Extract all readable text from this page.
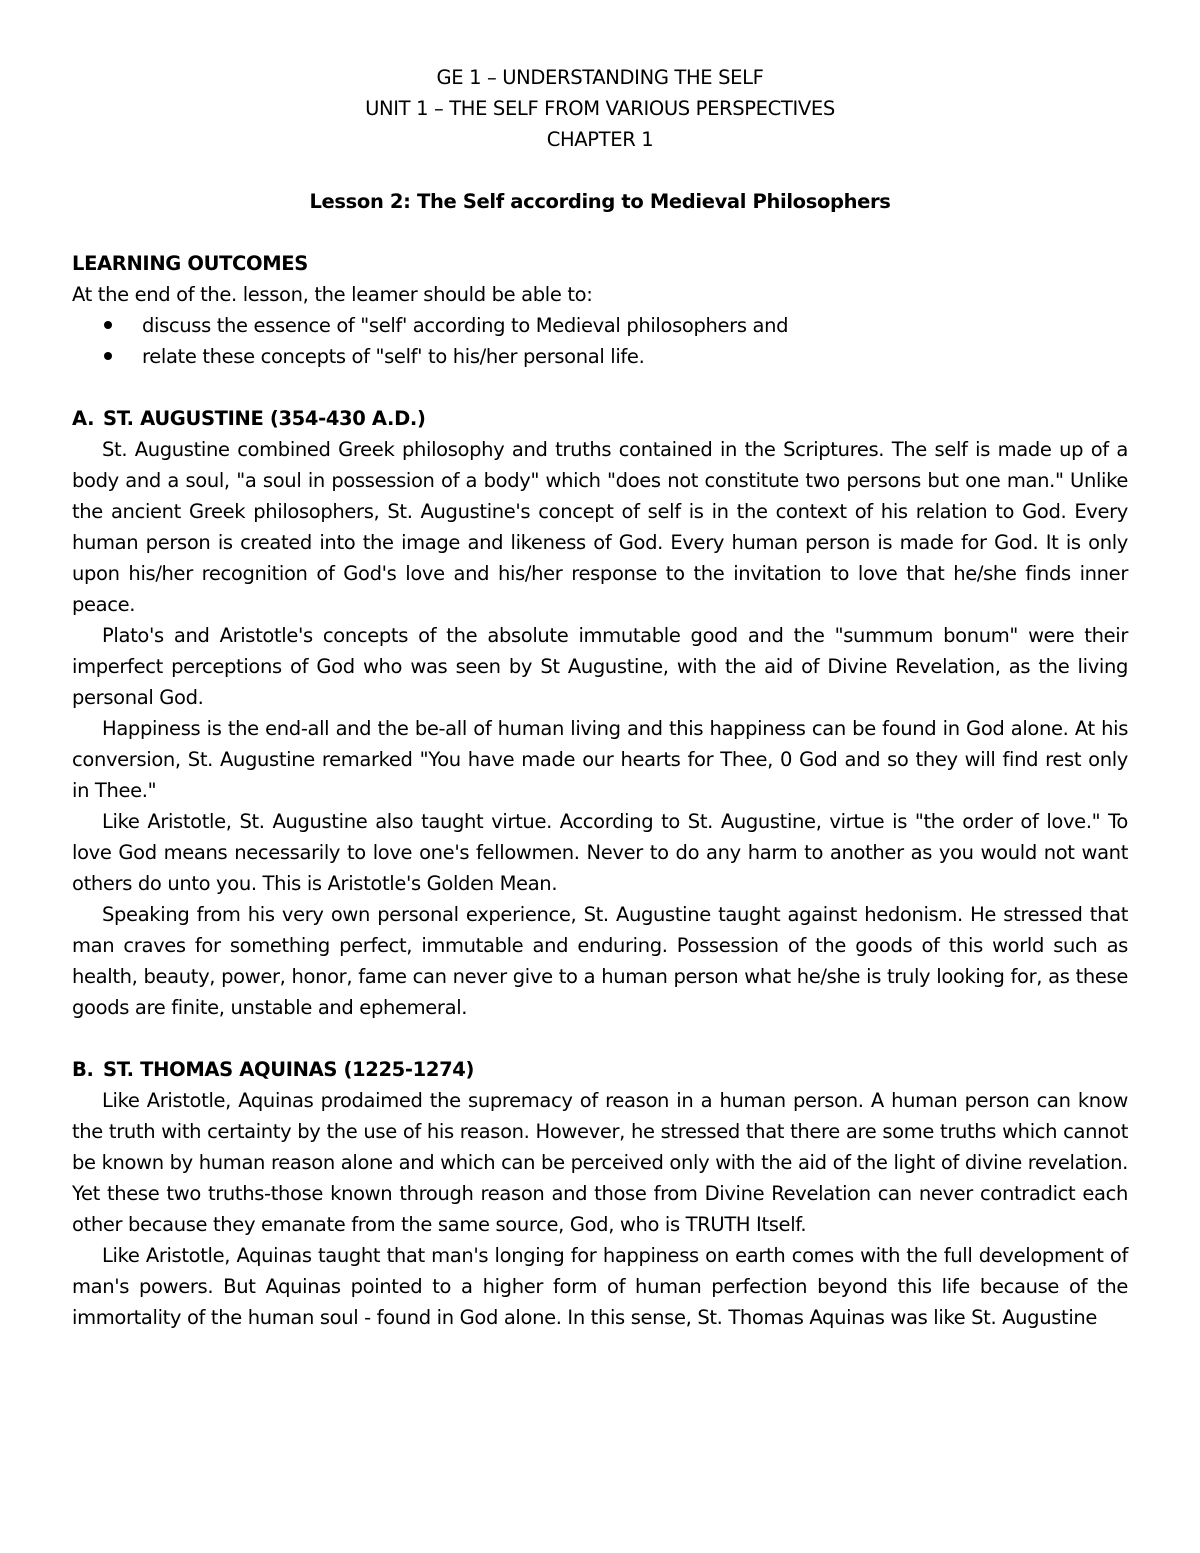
GE 1 – UNDERSTANDING THE SELF
UNIT 1 – THE SELF FROM VARIOUS PERSPECTIVES
CHAPTER 1
Lesson 2: The Self according to Medieval Philosophers
LEARNING OUTCOMES

At the end of the. lesson, the leamer should be able to:

discuss the essence of "self' according to Medieval philosophers and
relate these concepts of "self' to his/her personal life.
A. ST. AUGUSTINE (354-430 A.D.)

St. Augustine combined Greek philosophy and truths contained in the Scriptures. The self is made up of a body and a soul, "a soul in possession of a body" which "does not constitute two persons but one man." Unlike the ancient Greek philosophers, St. Augustine's concept of self is in the context of his relation to God. Every human person is created into the image and likeness of God. Every human person is made for God. It is only upon his/her recognition of God's love and his/her response to the invitation to love that he/she finds inner peace.

Plato's and Aristotle's concepts of the absolute immutable good and the "summum bonum" were their imperfect perceptions of God who was seen by St Augustine, with the aid of Divine Revelation, as the living personal God.

Happiness is the end-all and the be-all of human living and this happiness can be found in God alone. At his conversion, St. Augustine remarked "You have made our hearts for Thee, 0 God and so they will find rest only in Thee."

Like Aristotle, St. Augustine also taught virtue. According to St. Augustine, virtue is "the order of love." To love God means necessarily to love one's fellowmen. Never to do any harm to another as you would not want others do unto you. This is Aristotle's Golden Mean.

Speaking from his very own personal experience, St. Augustine taught against hedonism. He stressed that man craves for something perfect, immutable and enduring. Possession of the goods of this world such as health, beauty, power, honor, fame can never give to a human person what he/she is truly looking for, as these goods are finite, unstable and ephemeral.

B. ST. THOMAS AQUINAS (1225-1274)

Like Aristotle, Aquinas prodaimed the supremacy of reason in a human person. A human person can know the truth with certainty by the use of his reason. However, he stressed that there are some truths which cannot be known by human reason alone and which can be perceived only with the aid of the light of divine revelation. Yet these two truths-those known through reason and those from Divine Revelation can never contradict each other because they emanate from the same source, God, who is TRUTH Itself.

Like Aristotle, Aquinas taught that man's longing for happiness on earth comes with the full development of man's powers. But Aquinas pointed to a higher form of human perfection beyond this life because of the immortality of the human soul - found in God alone. In this sense, St. Thomas Aquinas was like St. Augustine
